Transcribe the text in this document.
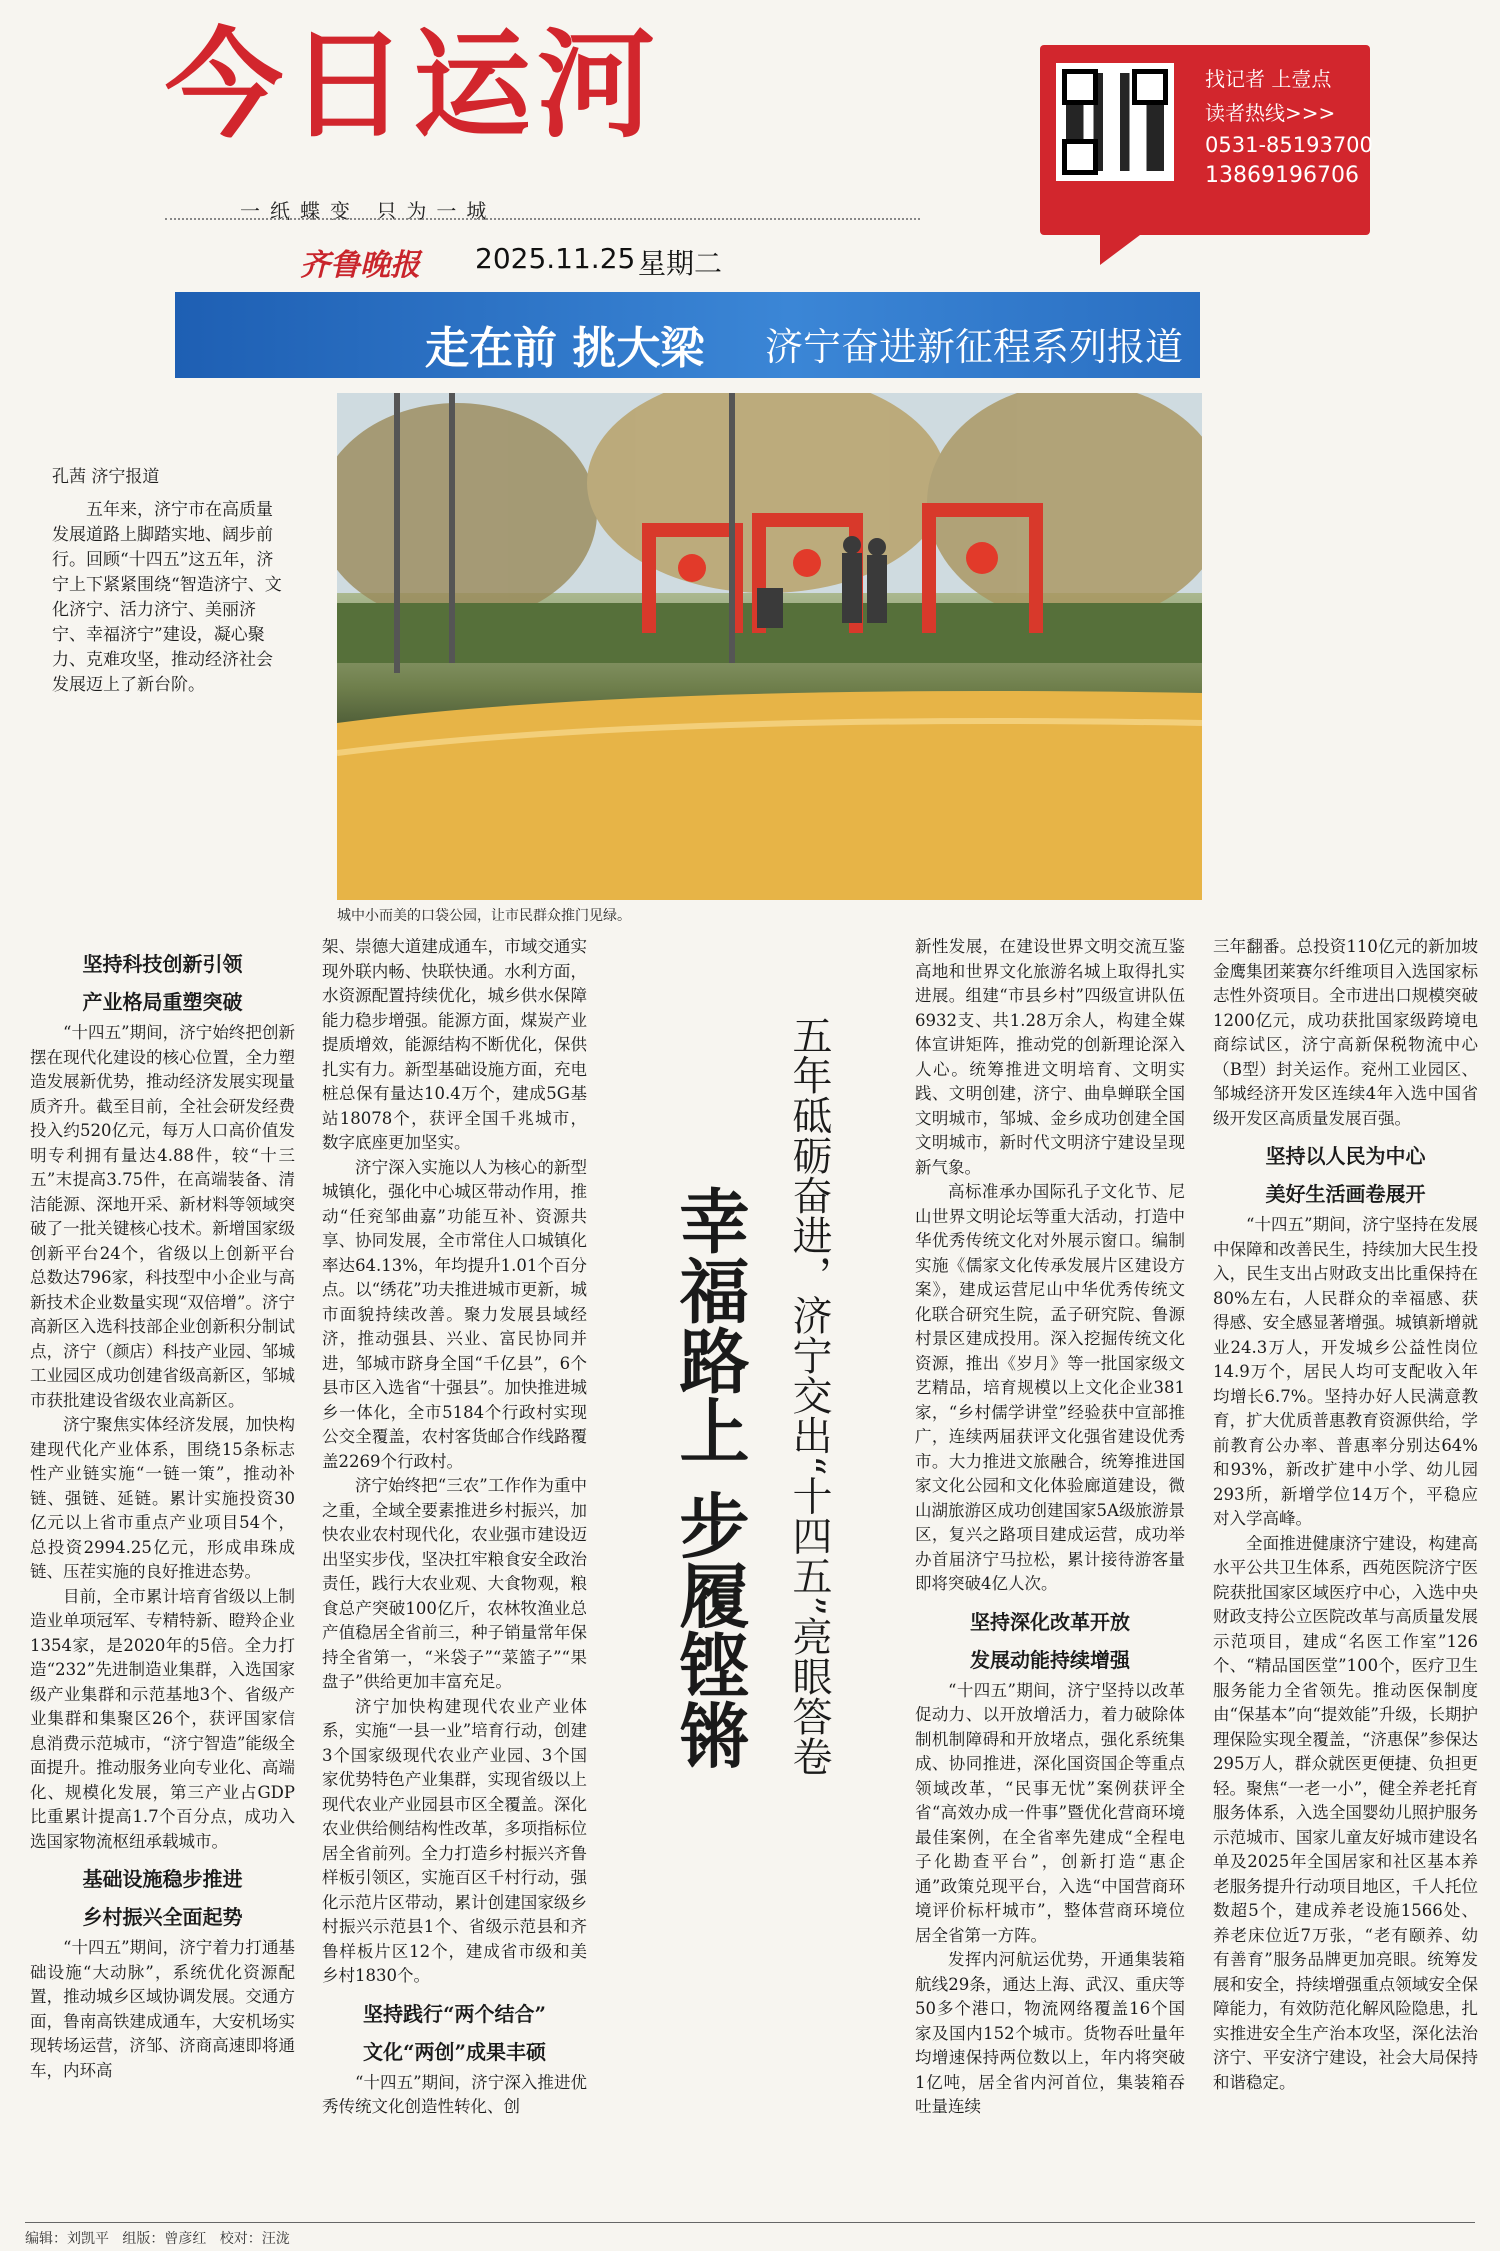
今日运河
一纸蝶变 只为一城
齐鲁晚报 2025.11.25 星期二
找记者 上壹点
读者热线>>>
0531-85193700
13869196706
走在前 挑大梁 济宁奋进新征程系列报道
城中小而美的口袋公园，让市民群众推门见绿。
孔茜 济宁报道
五年来，济宁市在高质量发展道路上脚踏实地、阔步前行。回顾“十四五”这五年，济宁上下紧紧围绕“智造济宁、文化济宁、活力济宁、美丽济宁、幸福济宁”建设，凝心聚力、克难攻坚，推动经济社会发展迈上了新台阶。
坚持科技创新引领
产业格局重塑突破

“十四五”期间，济宁始终把创新摆在现代化建设的核心位置，全力塑造发展新优势，推动经济发展实现量质齐升。截至目前，全社会研发经费投入约520亿元，每万人口高价值发明专利拥有量达4.88件，较“十三五”末提高3.75件，在高端装备、清洁能源、深地开采、新材料等领域突破了一批关键核心技术。新增国家级创新平台24个，省级以上创新平台总数达796家，科技型中小企业与高新技术企业数量实现“双倍增”。济宁高新区入选科技部企业创新积分制试点，济宁（颜店）科技产业园、邹城工业园区成功创建省级高新区，邹城市获批建设省级农业高新区。

济宁聚焦实体经济发展，加快构建现代化产业体系，围绕15条标志性产业链实施“一链一策”，推动补链、强链、延链。累计实施投资30亿元以上省市重点产业项目54个，总投资2994.25亿元，形成串珠成链、压茬实施的良好推进态势。

目前，全市累计培育省级以上制造业单项冠军、专精特新、瞪羚企业1354家，是2020年的5倍。全力打造“232”先进制造业集群，入选国家级产业集群和示范基地3个、省级产业集群和集聚区26个，获评国家信息消费示范城市，“济宁智造”能级全面提升。推动服务业向专业化、高端化、规模化发展，第三产业占GDP比重累计提高1.7个百分点，成功入选国家物流枢纽承载城市。

基础设施稳步推进
乡村振兴全面起势

“十四五”期间，济宁着力打通基础设施“大动脉”，系统优化资源配置，推动城乡区域协调发展。交通方面，鲁南高铁建成通车，大安机场实现转场运营，济邹、济商高速即将通车，内环高

架、崇德大道建成通车，市域交通实现外联内畅、快联快通。水利方面，水资源配置持续优化，城乡供水保障能力稳步增强。能源方面，煤炭产业提质增效，能源结构不断优化，保供扎实有力。新型基础设施方面，充电桩总保有量达10.4万个，建成5G基站18078个，获评全国千兆城市，数字底座更加坚实。

济宁深入实施以人为核心的新型城镇化，强化中心城区带动作用，推动“任兖邹曲嘉”功能互补、资源共享、协同发展，全市常住人口城镇化率达64.13%，年均提升1.01个百分点。以“绣花”功夫推进城市更新，城市面貌持续改善。聚力发展县域经济，推动强县、兴业、富民协同并进，邹城市跻身全国“千亿县”，6个县市区入选省“十强县”。加快推进城乡一体化，全市5184个行政村实现公交全覆盖，农村客货邮合作线路覆盖2269个行政村。

济宁始终把“三农”工作作为重中之重，全域全要素推进乡村振兴，加快农业农村现代化，农业强市建设迈出坚实步伐，坚决扛牢粮食安全政治责任，践行大农业观、大食物观，粮食总产突破100亿斤，农林牧渔业总产值稳居全省前三，种子销量常年保持全省第一，“米袋子”“菜篮子”“果盘子”供给更加丰富充足。

济宁加快构建现代农业产业体系，实施“一县一业”培育行动，创建3个国家级现代农业产业园、3个国家优势特色产业集群，实现省级以上现代农业产业园县市区全覆盖。深化农业供给侧结构性改革，多项指标位居全省前列。全力打造乡村振兴齐鲁样板引领区，实施百区千村行动，强化示范片区带动，累计创建国家级乡村振兴示范县1个、省级示范县和齐鲁样板片区12个，建成省市级和美乡村1830个。

坚持践行“两个结合”
文化“两创”成果丰硕

“十四五”期间，济宁深入推进优秀传统文化创造性转化、创

幸福路上 步履铿锵 五年砥砺奋进，济宁交出“十四五”亮眼答卷

新性发展，在建设世界文明交流互鉴高地和世界文化旅游名城上取得扎实进展。组建“市县乡村”四级宣讲队伍6932支、共1.28万余人，构建全媒体宣讲矩阵，推动党的创新理论深入人心。统筹推进文明培育、文明实践、文明创建，济宁、曲阜蝉联全国文明城市，邹城、金乡成功创建全国文明城市，新时代文明济宁建设呈现新气象。

高标准承办国际孔子文化节、尼山世界文明论坛等重大活动，打造中华优秀传统文化对外展示窗口。编制实施《儒家文化传承发展片区建设方案》，建成运营尼山中华优秀传统文化联合研究生院，孟子研究院、鲁源村景区建成投用。深入挖掘传统文化资源，推出《岁月》等一批国家级文艺精品，培育规模以上文化企业381家，“乡村儒学讲堂”经验获中宣部推广，连续两届获评文化强省建设优秀市。大力推进文旅融合，统筹推进国家文化公园和文化体验廊道建设，微山湖旅游区成功创建国家5A级旅游景区，复兴之路项目建成运营，成功举办首届济宁马拉松，累计接待游客量即将突破4亿人次。

坚持深化改革开放
发展动能持续增强

“十四五”期间，济宁坚持以改革促动力、以开放增活力，着力破除体制机制障碍和开放堵点，强化系统集成、协同推进，深化国资国企等重点领域改革，“民事无忧”案例获评全省“高效办成一件事”暨优化营商环境最佳案例，在全省率先建成“全程电子化勘查平台”，创新打造“惠企通”政策兑现平台，入选“中国营商环境评价标杆城市”，整体营商环境位居全省第一方阵。

发挥内河航运优势，开通集装箱航线29条，通达上海、武汉、重庆等50多个港口，物流网络覆盖16个国家及国内152个城市。货物吞吐量年均增速保持两位数以上，年内将突破1亿吨，居全省内河首位，集装箱吞吐量连续

三年翻番。总投资110亿元的新加坡金鹰集团莱赛尔纤维项目入选国家标志性外资项目。全市进出口规模突破1200亿元，成功获批国家级跨境电商综试区，济宁高新保税物流中心（B型）封关运作。兖州工业园区、邹城经济开发区连续4年入选中国省级开发区高质量发展百强。

坚持以人民为中心
美好生活画卷展开

“十四五”期间，济宁坚持在发展中保障和改善民生，持续加大民生投入，民生支出占财政支出比重保持在80%左右，人民群众的幸福感、获得感、安全感显著增强。城镇新增就业24.3万人，开发城乡公益性岗位14.9万个，居民人均可支配收入年均增长6.7%。坚持办好人民满意教育，扩大优质普惠教育资源供给，学前教育公办率、普惠率分别达64%和93%，新改扩建中小学、幼儿园293所，新增学位14万个，平稳应对入学高峰。

全面推进健康济宁建设，构建高水平公共卫生体系，西苑医院济宁医院获批国家区域医疗中心，入选中央财政支持公立医院改革与高质量发展示范项目，建成“名医工作室”126个、“精品国医堂”100个，医疗卫生服务能力全省领先。推动医保制度由“保基本”向“提效能”升级，长期护理保险实现全覆盖，“济惠保”参保达295万人，群众就医更便捷、负担更轻。聚焦“一老一小”，健全养老托育服务体系，入选全国婴幼儿照护服务示范城市、国家儿童友好城市建设名单及2025年全国居家和社区基本养老服务提升行动项目地区，千人托位数超5个，建成养老设施1566处、养老床位近7万张，“老有颐养、幼有善育”服务品牌更加亮眼。统筹发展和安全，持续增强重点领域安全保障能力，有效防范化解风险隐患，扎实推进安全生产治本攻坚，深化法治济宁、平安济宁建设，社会大局保持和谐稳定。

编辑：刘凯平 组版：曾彦红 校对：汪泷
